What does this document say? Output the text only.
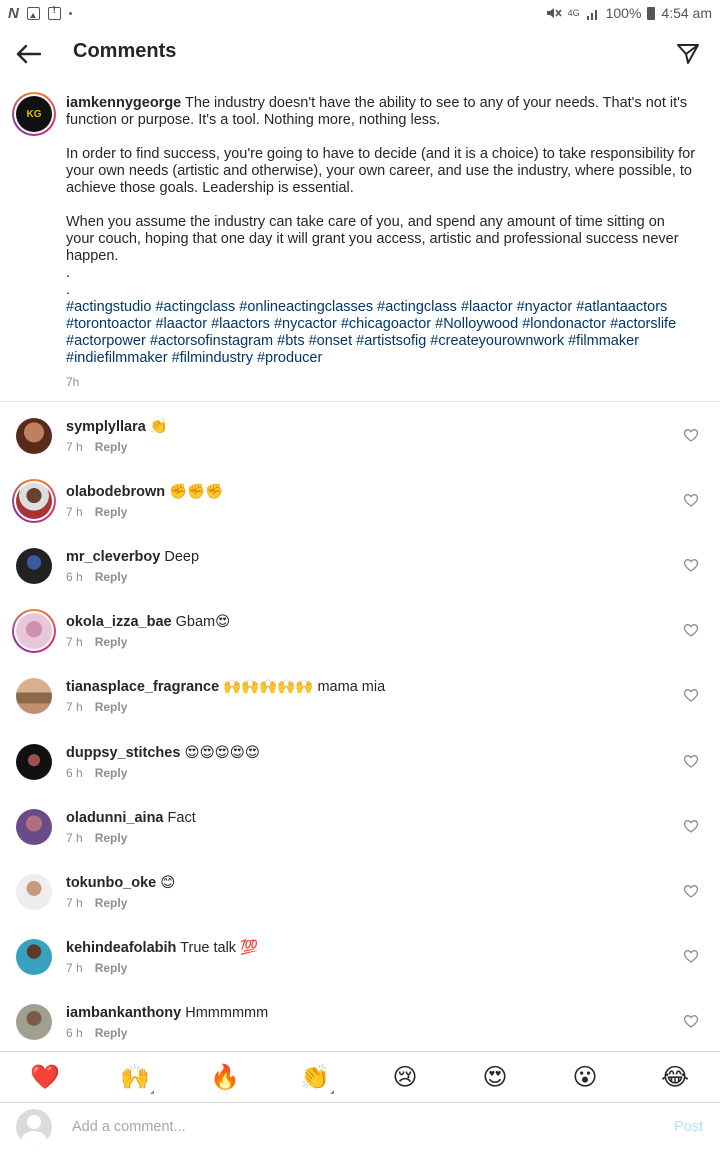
N
!	4G 100% 4:54 am
Comments
KG

iamkennygeorge The industry doesn't have the ability to see to any of your needs. That's not it's function or purpose. It's a tool. Nothing more, nothing less.

In order to find success, you're going to have to decide (and it is a choice) to take responsibility for your own needs (artistic and otherwise), your own career, and use the industry, where possible, to achieve those goals. Leadership is essential.

When you assume the industry can take care of you, and spend any amount of time sitting on your couch, hoping that one day it will grant you access, artistic and professional success never happen.

.

.

#actingstudio #actingclass #onlineactingclasses #actingclass #laactor #nyactor #atlantaactors #torontoactor #laactor #laactors #nycactor #chicagoactor #Nolloywood #londonactor #actorslife #actorpower #actorsofinstagram #bts #onset #artistsofig #createyourownwork #filmmaker #indiefilmmaker #filmindustry #producer

7h
symplyllara 👏
7 h Reply
olabodebrown ✊✊✊
7 h Reply
mr_cleverboy Deep
6 h Reply
okola_izza_bae Gbam😍
7 h Reply
tianasplace_fragrance 🙌🙌🙌🙌🙌 mama mia
7 h Reply
duppsy_stitches 😍😍😍😍😍
6 h Reply
oladunni_aina Fact
7 h Reply
tokunbo_oke 😊
7 h Reply
kehindeafolabih True talk 💯
7 h Reply
iambankanthony Hmmmmmm
6 h Reply
❤️	🙌	🔥	👏	😢	😍	😮	😂
Add a comment...
Post
